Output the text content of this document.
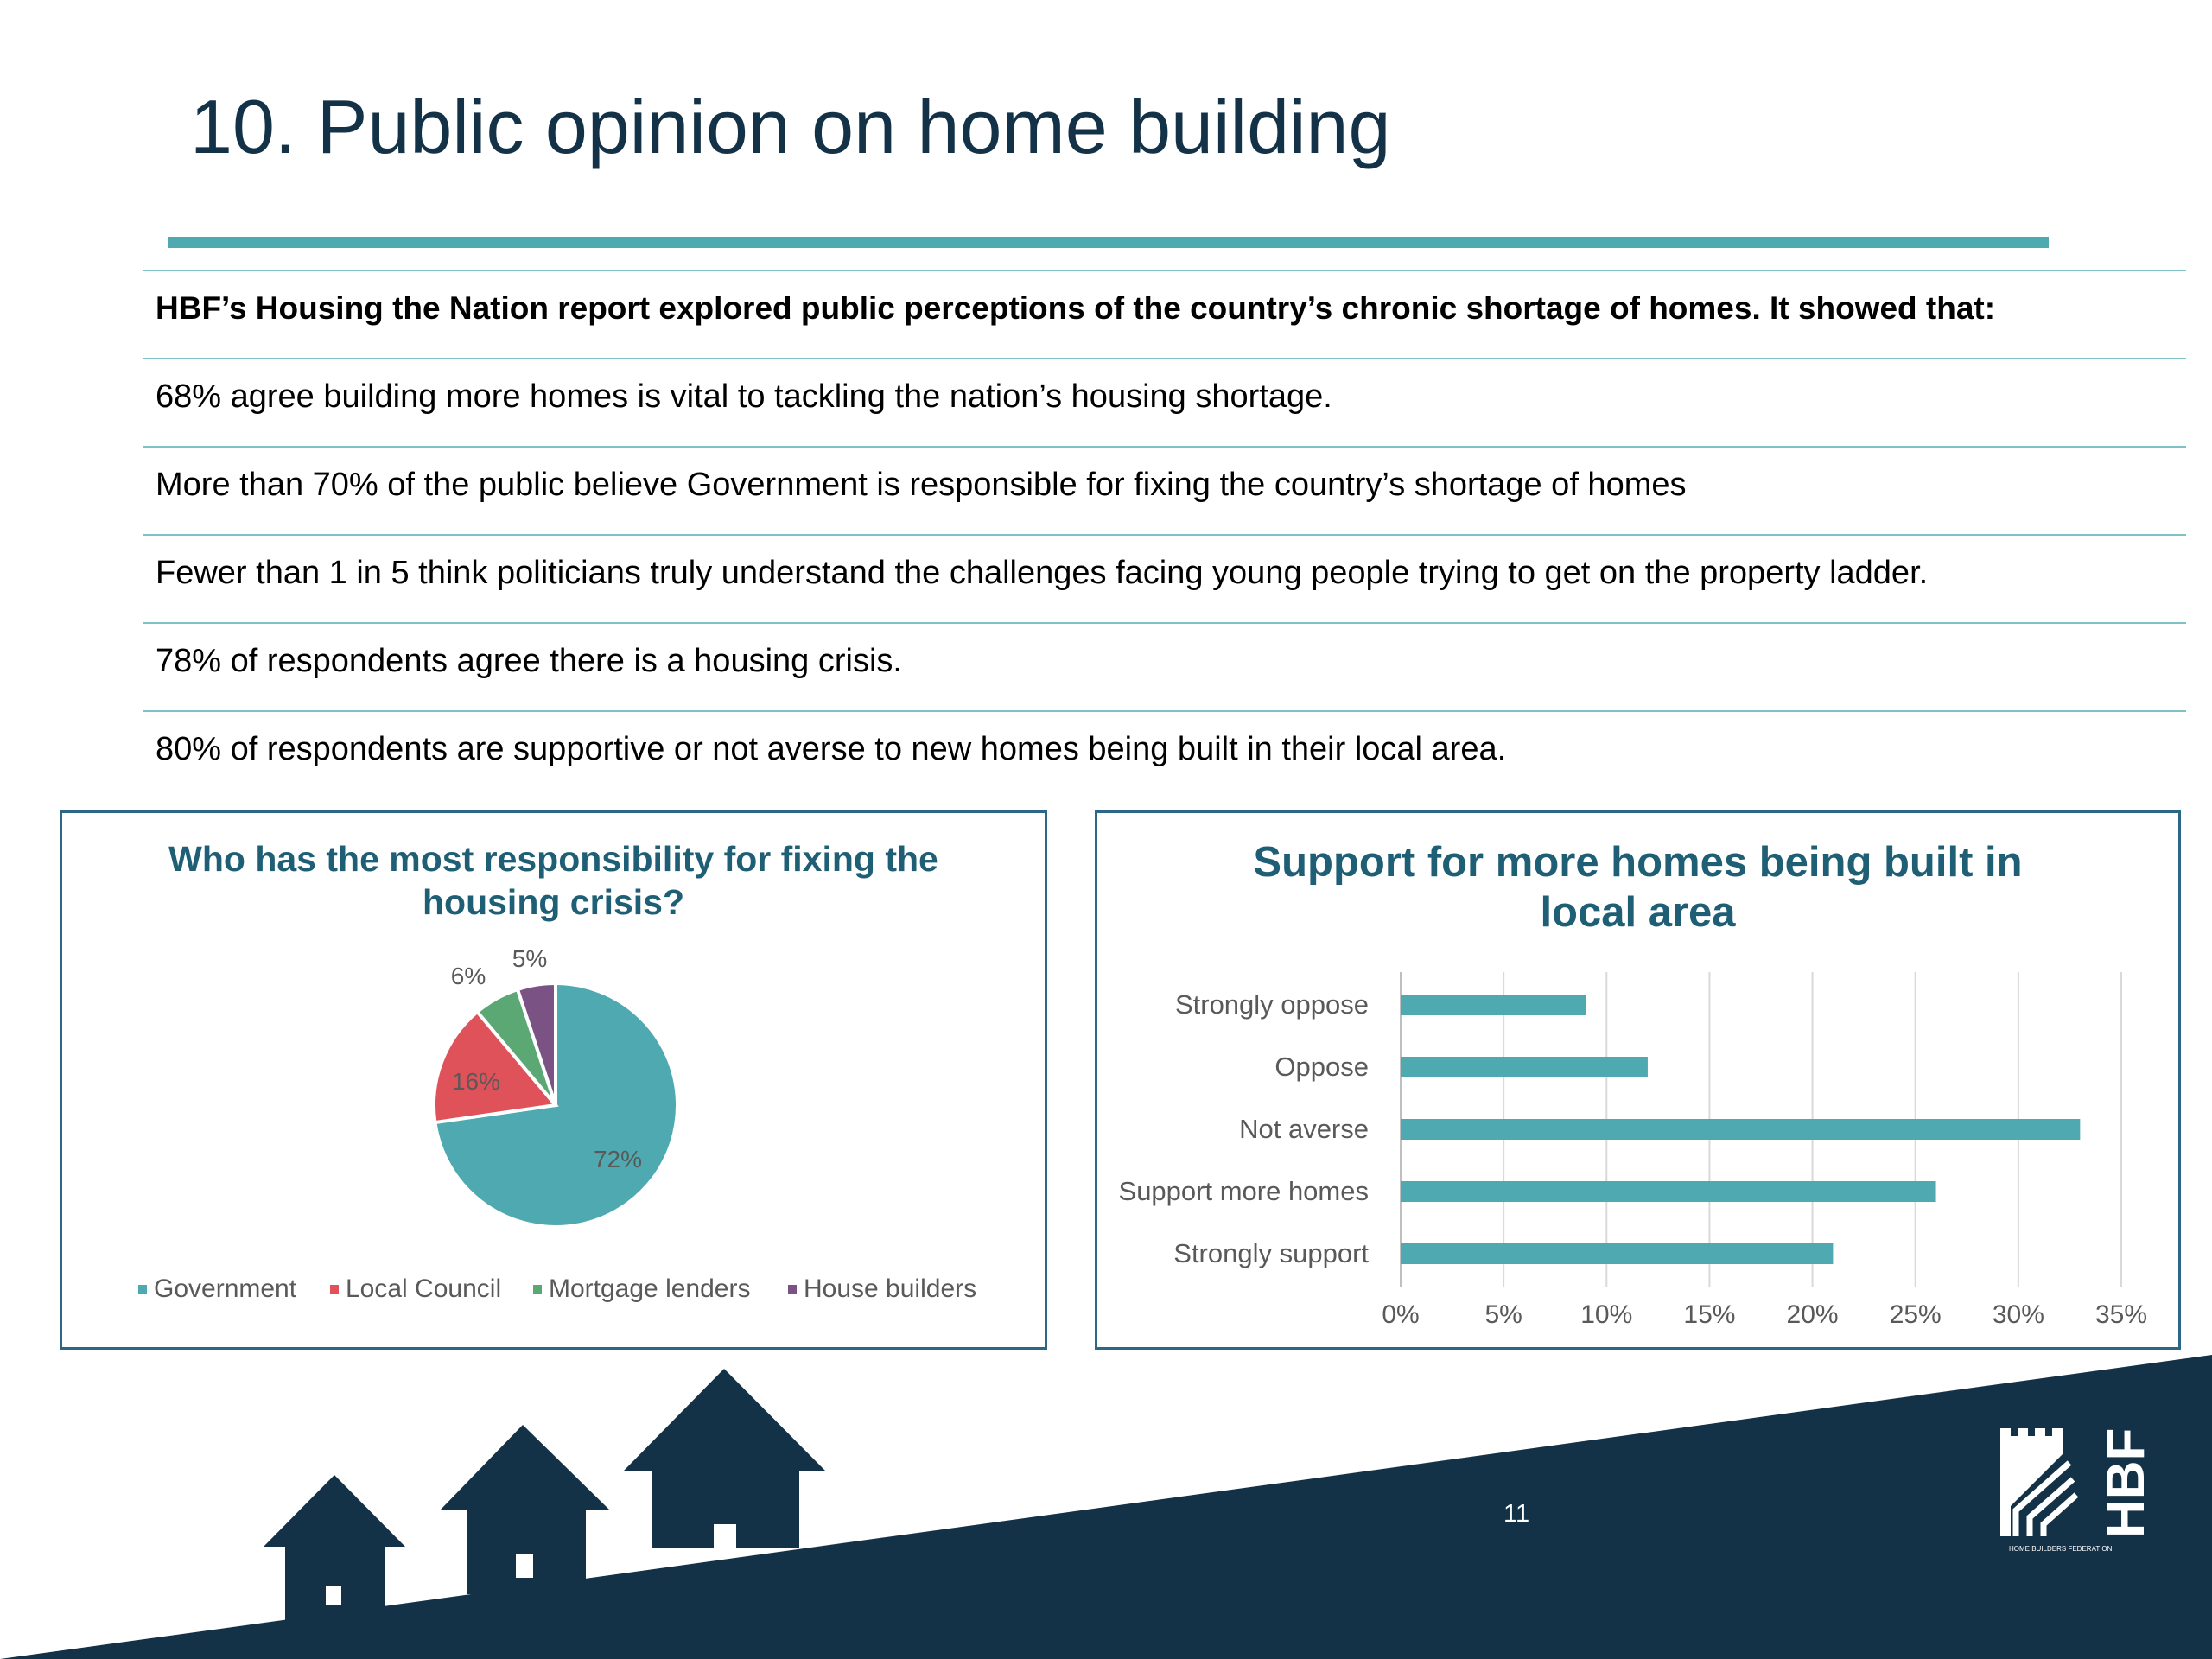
10. Public opinion on home building
HBF’s Housing the Nation report explored public perceptions of the country’s chronic shortage of homes. It showed that:
68% agree building more homes is vital to tackling the nation’s housing shortage.
More than 70% of the public believe Government is responsible for fixing the country’s shortage of homes
Fewer than 1 in 5 think politicians truly understand the challenges facing young people trying to get on the property ladder.
78% of respondents agree there is a housing crisis.
80% of respondents are supportive or not averse to new homes being built in their local area.
Who has the most responsibility for fixing the housing crisis?
72%
16%
6%
5%
Government Local Council Mortgage lenders House builders
Support for more homes being built in local area
Strongly oppose
Oppose
Not averse
Support more homes
Strongly support
0%	5% 10% 15% 20% 25% 30% 35%
11	HBF
HOME BUILDERS FEDERATION
